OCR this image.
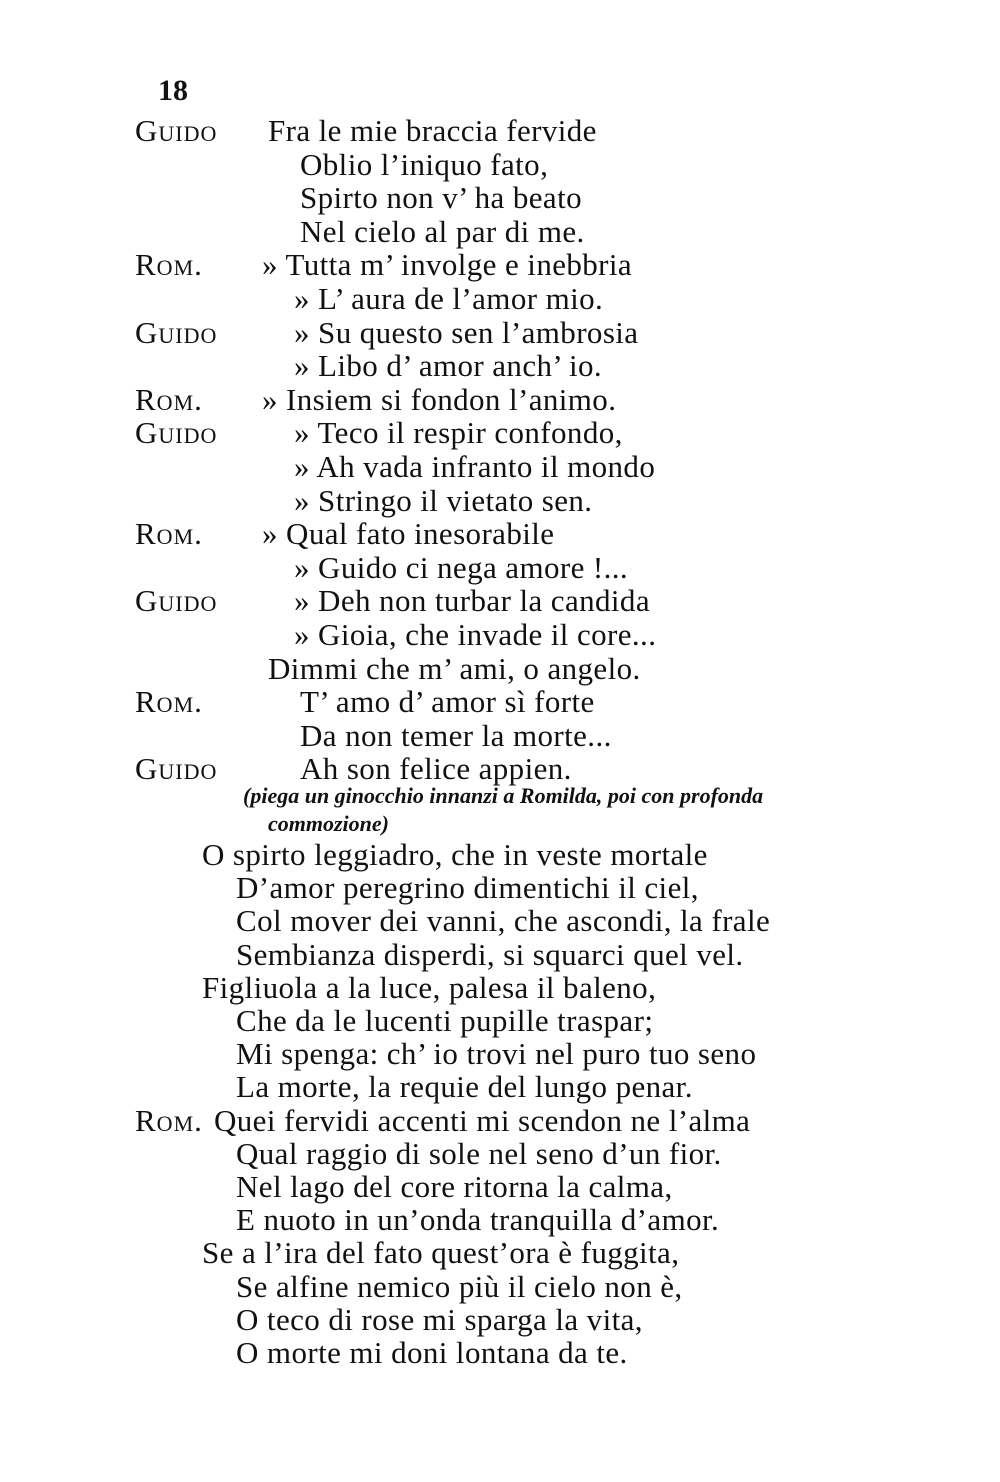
18
Guido Fra le mie braccia fervide
Oblio l’iniquo fato,
Spirto non v’ ha beato
Nel cielo al par di me.
Rom. » Tutta m’ involge e inebbria
» L’ aura de l’amor mio.
Guido » Su questo sen l’ambrosia
» Libo d’ amor anch’ io.
Rom. » Insiem si fondon l’animo.
Guido » Teco il respir confondo,
» Ah vada infranto il mondo
» Stringo il vietato sen.
Rom. » Qual fato inesorabile
» Guido ci nega amore !...
Guido » Deh non turbar la candida
» Gioia, che invade il core...
Dimmi che m’ ami, o angelo.
Rom.	T’ amo d’ amor sì forte
Da non temer la morte...
Guido	Ah son felice appien.
(piega un ginocchio innanzi a Romilda, poi con profonda
commozione)
O spirto leggiadro, che in veste mortale
D’amor peregrino dimentichi il ciel,
Col mover dei vanni, che ascondi, la frale
Sembianza disperdi, si squarci quel vel.
Figliuola a la luce, palesa il baleno,
Che da le lucenti pupille traspar;
Mi spenga: ch’ io trovi nel puro tuo seno
La morte, la requie del lungo penar.
Rom. Quei fervidi accenti mi scendon ne l’alma
Qual raggio di sole nel seno d’un fior.
Nel lago del core ritorna la calma,
E nuoto in un’onda tranquilla d’amor.
Se a l’ira del fato quest’ora è fuggita,
Se alfine nemico più il cielo non è,
O teco di rose mi sparga la vita,
O morte mi doni lontana da te.
